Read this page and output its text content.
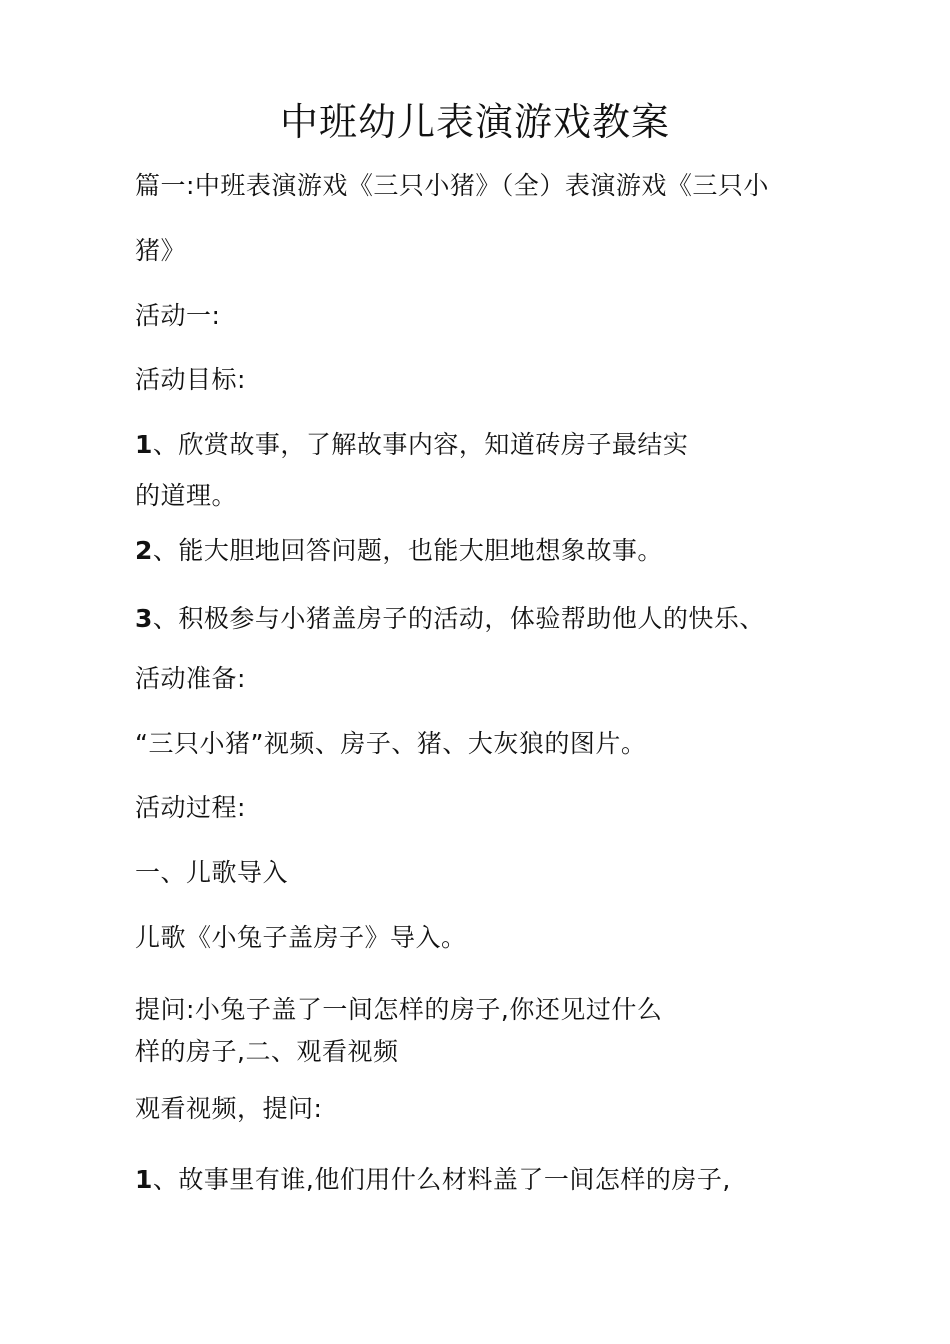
中班幼儿表演游戏教案
篇一:中班表演游戏《三只小猪》（全）表演游戏《三只小
猪》
活动一:
活动目标:
1、欣赏故事，了解故事内容，知道砖房子最结实
的道理。
2、能大胆地回答问题，也能大胆地想象故事。
3、积极参与小猪盖房子的活动，体验帮助他人的快乐、
活动准备:
“三只小猪”视频、房子、猪、大灰狼的图片。
活动过程:
一、儿歌导入
儿歌《小兔子盖房子》导入。
提问:小兔子盖了一间怎样的房子,你还见过什么
样的房子,二、观看视频
观看视频，提问:
1、故事里有谁,他们用什么材料盖了一间怎样的房子,
